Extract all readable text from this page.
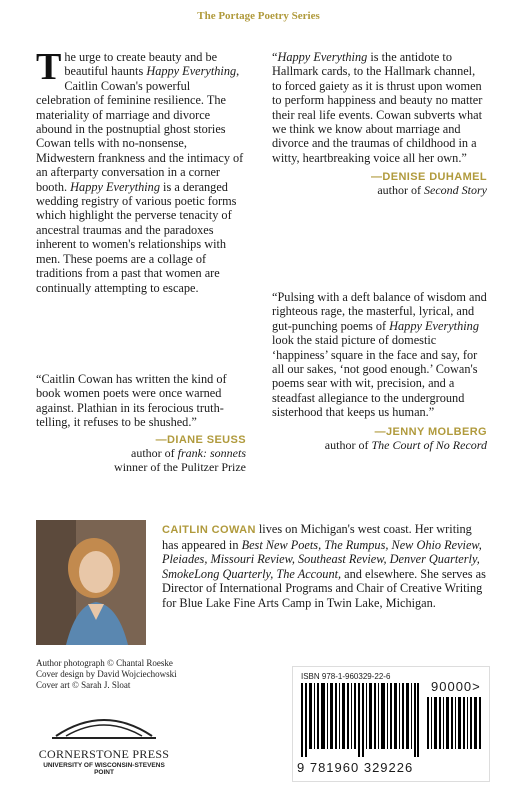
The Portage Poetry Series

The urge to create beauty and be beautiful haunts Happy Everything, Caitlin Cowan's powerful celebration of feminine resilience. The materiality of marriage and divorce abound in the postnuptial ghost stories Cowan tells with no-nonsense, Midwestern frankness and the intimacy of an afterparty conversation in a corner booth. Happy Everything is a deranged wedding registry of various poetic forms which highlight the perverse tenacity of ancestral traumas and the paradoxes inherent to women's relationships with men. These poems are a collage of traditions from a past that women are continually attempting to escape.

“Caitlin Cowan has written the kind of book women poets were once warned against. Plathian in its ferocious truth-telling, it refuses to be shushed.”

—DIANE SEUSS
author of frank: sonnets
winner of the Pulitzer Prize

“Happy Everything is the antidote to Hallmark cards, to the Hallmark channel, to forced gaiety as it is thrust upon women to perform happiness and beauty no matter their real life events. Cowan subverts what we think we know about marriage and divorce and the traumas of childhood in a witty, heartbreaking voice all her own.”

—DENISE DUHAMEL
author of Second Story

“Pulsing with a deft balance of wisdom and righteous rage, the masterful, lyrical, and gut-punching poems of Happy Everything look the staid picture of domestic ‘happiness’ square in the face and say, for all our sakes, ‘not good enough.’ Cowan's poems sear with wit, precision, and a steadfast allegiance to the underground sisterhood that keeps us human.”

—JENNY MOLBERG
author of The Court of No Record
CAITLIN COWAN lives on Michigan's west coast. Her writing has appeared in Best New Poets, The Rumpus, New Ohio Review, Pleiades, Missouri Review, Southeast Review, Denver Quarterly, SmokeLong Quarterly, The Account, and elsewhere. She serves as Director of International Programs and Chair of Creative Writing for Blue Lake Fine Arts Camp in Twin Lake, Michigan.
Author photograph © Chantal Roeske
Cover design by David Wojciechowski
Cover art © Sarah J. Sloat
CORNERSTONE PRESS
UNIVERSITY OF WISCONSIN-STEVENS POINT
ISBN 978-1-960329-22-6
90000>
9 781960 329226
